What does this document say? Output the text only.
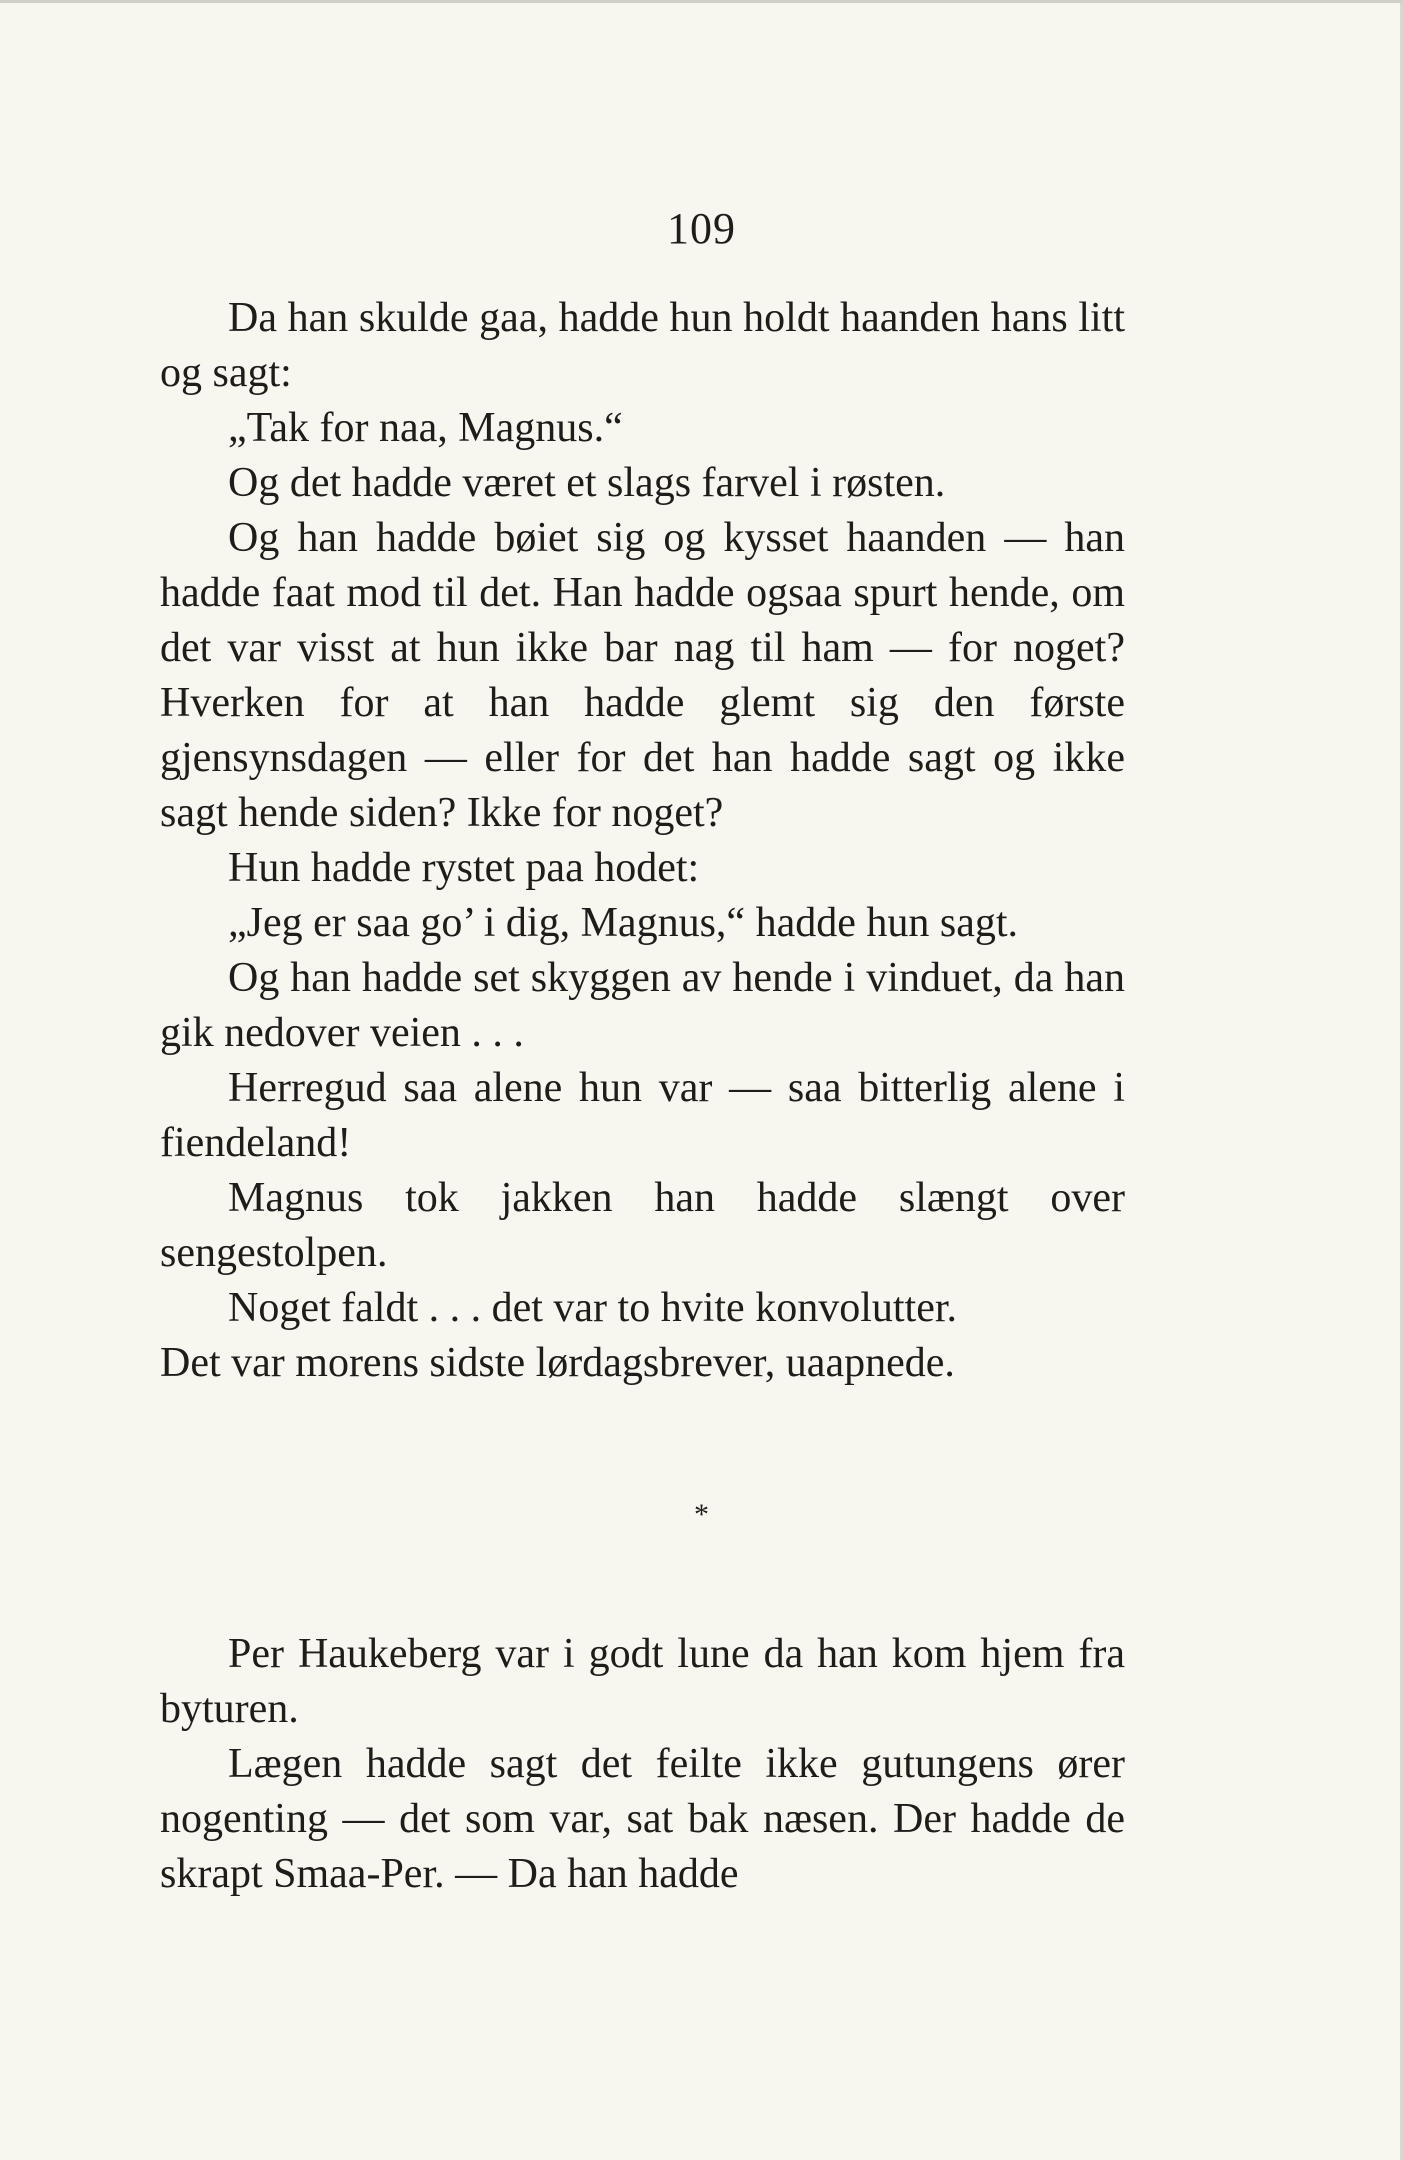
109

Da han skulde gaa, hadde hun holdt haanden hans litt og sagt:

„Tak for naa, Magnus.“

Og det hadde været et slags farvel i røsten.

Og han hadde bøiet sig og kysset haanden — han hadde faat mod til det. Han hadde ogsaa spurt hende, om det var visst at hun ikke bar nag til ham — for noget? Hverken for at han hadde glemt sig den første gjensynsdagen — eller for det han hadde sagt og ikke sagt hende siden? Ikke for noget?

Hun hadde rystet paa hodet:

„Jeg er saa go’ i dig, Magnus,“ hadde hun sagt.

Og han hadde set skyggen av hende i vinduet, da han gik nedover veien . . .

Herregud saa alene hun var — saa bitterlig alene i fiendeland!

Magnus tok jakken han hadde slængt over sengestolpen.

Noget faldt . . . det var to hvite konvolutter.

Det var morens sidste lørdagsbrever, uaapnede.

*

Per Haukeberg var i godt lune da han kom hjem fra byturen.

Lægen hadde sagt det feilte ikke gutungens ører nogenting — det som var, sat bak næsen. Der hadde de skrapt Smaa-Per. — Da han hadde
